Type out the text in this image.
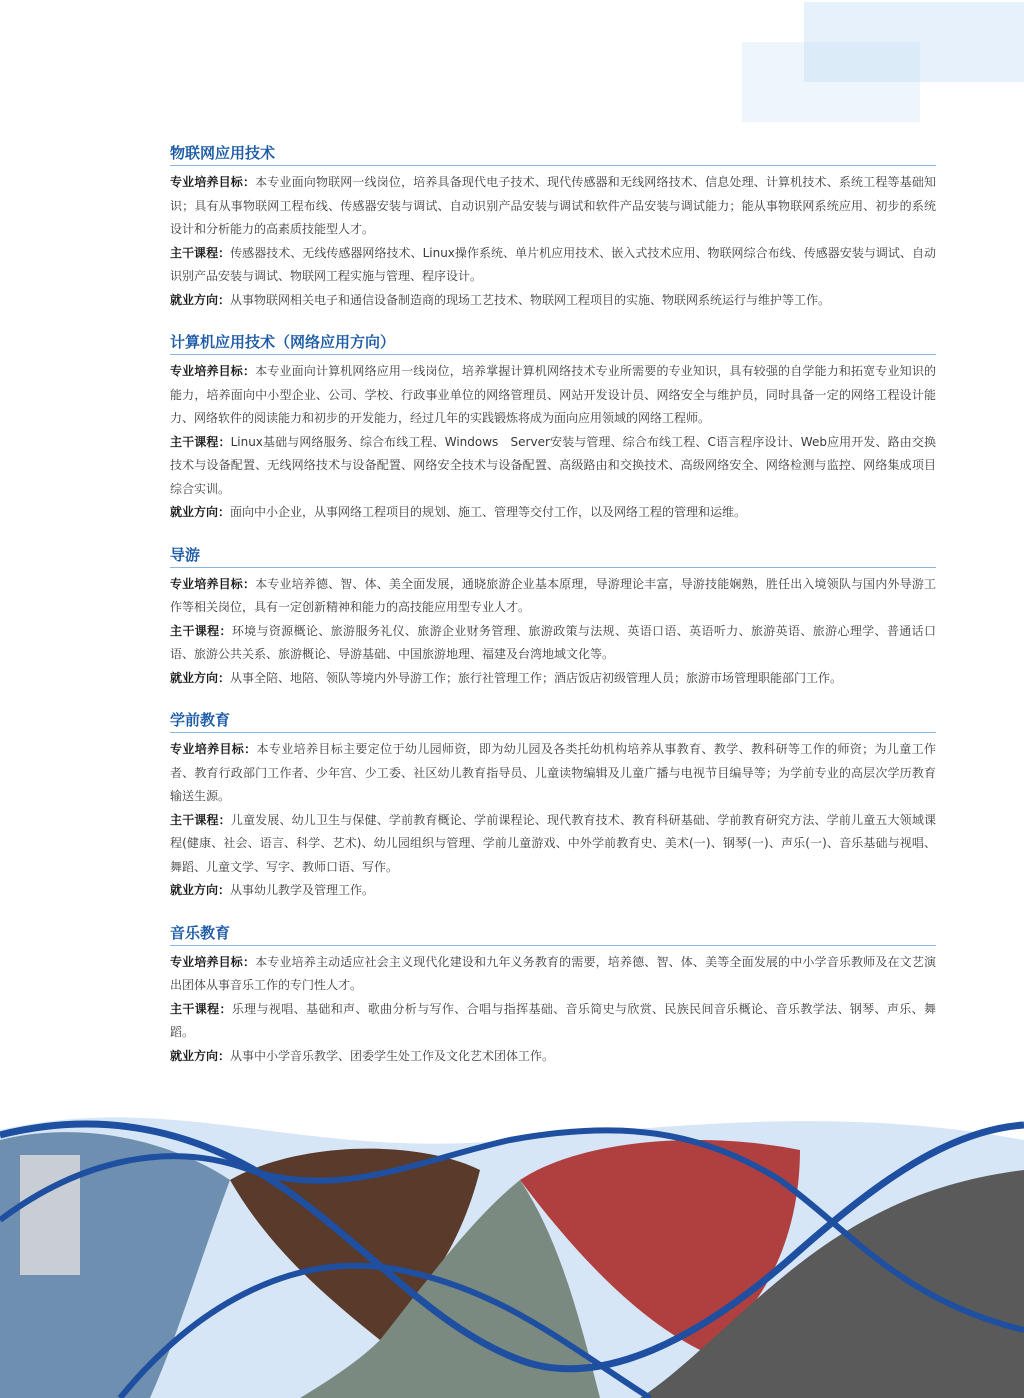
物联网应用技术

专业培养目标：本专业面向物联网一线岗位，培养具备现代电子技术、现代传感器和无线网络技术、信息处理、计算机技术、系统工程等基础知识；具有从事物联网工程布线、传感器安装与调试、自动识别产品安装与调试和软件产品安装与调试能力；能从事物联网系统应用、初步的系统设计和分析能力的高素质技能型人才。

主干课程：传感器技术、无线传感器网络技术、Linux操作系统、单片机应用技术、嵌入式技术应用、物联网综合布线、传感器安装与调试、自动识别产品安装与调试、物联网工程实施与管理、程序设计。

就业方向：从事物联网相关电子和通信设备制造商的现场工艺技术、物联网工程项目的实施、物联网系统运行与维护等工作。

计算机应用技术（网络应用方向）

专业培养目标：本专业面向计算机网络应用一线岗位，培养掌握计算机网络技术专业所需要的专业知识，具有较强的自学能力和拓宽专业知识的能力，培养面向中小型企业、公司、学校、行政事业单位的网络管理员、网站开发设计员、网络安全与维护员，同时具备一定的网络工程设计能力、网络软件的阅读能力和初步的开发能力，经过几年的实践锻炼将成为面向应用领域的网络工程师。

主干课程：Linux基础与网络服务、综合布线工程、Windows　Server安装与管理、综合布线工程、C语言程序设计、Web应用开发、路由交换技术与设备配置、无线网络技术与设备配置、网络安全技术与设备配置、高级路由和交换技术、高级网络安全、网络检测与监控、网络集成项目综合实训。

就业方向：面向中小企业，从事网络工程项目的规划、施工、管理等交付工作，以及网络工程的管理和运维。

导游

专业培养目标：本专业培养德、智、体、美全面发展，通晓旅游企业基本原理，导游理论丰富，导游技能娴熟，胜任出入境领队与国内外导游工作等相关岗位，具有一定创新精神和能力的高技能应用型专业人才。

主干课程：环境与资源概论、旅游服务礼仪、旅游企业财务管理、旅游政策与法规、英语口语、英语听力、旅游英语、旅游心理学、普通话口语、旅游公共关系、旅游概论、导游基础、中国旅游地理、福建及台湾地域文化等。

就业方向：从事全陪、地陪、领队等境内外导游工作；旅行社管理工作；酒店饭店初级管理人员；旅游市场管理职能部门工作。

学前教育

专业培养目标：本专业培养目标主要定位于幼儿园师资，即为幼儿园及各类托幼机构培养从事教育、教学、教科研等工作的师资；为儿童工作者、教育行政部门工作者、少年宫、少工委、社区幼儿教育指导员、儿童读物编辑及儿童广播与电视节目编导等；为学前专业的高层次学历教育输送生源。

主干课程：儿童发展、幼儿卫生与保健、学前教育概论、学前课程论、现代教育技术、教育科研基础、学前教育研究方法、学前儿童五大领域课程(健康、社会、语言、科学、艺术)、幼儿园组织与管理、学前儿童游戏、中外学前教育史、美术(一)、钢琴(一)、声乐(一)、音乐基础与视唱、舞蹈、儿童文学、写字、教师口语、写作。

就业方向：从事幼儿教学及管理工作。

音乐教育

专业培养目标：本专业培养主动适应社会主义现代化建设和九年义务教育的需要，培养德、智、体、美等全面发展的中小学音乐教师及在文艺演出团体从事音乐工作的专门性人才。

主干课程：乐理与视唱、基础和声、歌曲分析与写作、合唱与指挥基础、音乐简史与欣赏、民族民间音乐概论、音乐教学法、钢琴、声乐、舞蹈。

就业方向：从事中小学音乐教学、团委学生处工作及文化艺术团体工作。
